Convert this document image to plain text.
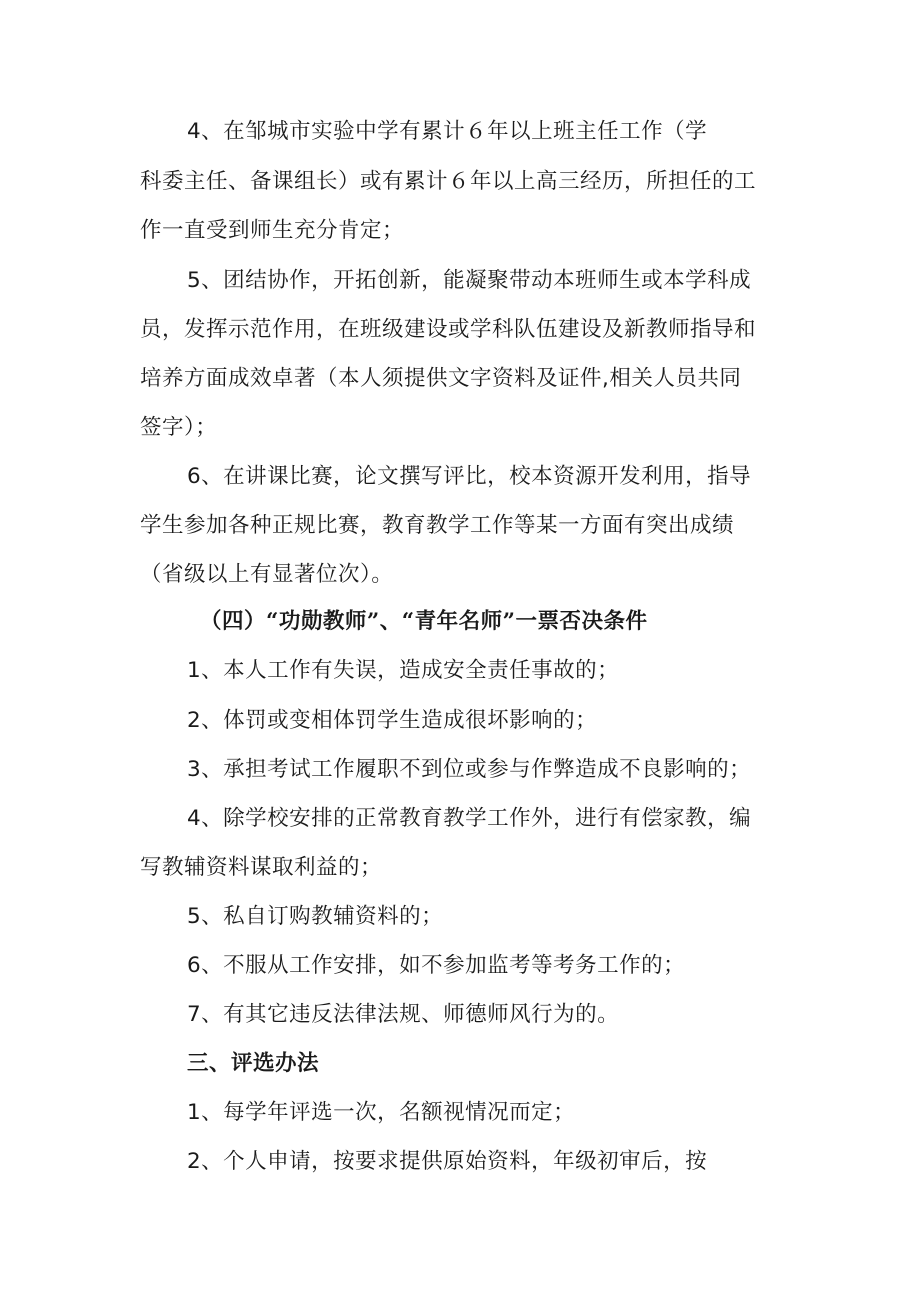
4、在邹城市实验中学有累计６年以上班主任工作（学
科委主任、备课组长）或有累计６年以上高三经历，所担任的工
作一直受到师生充分肯定；
5、团结协作，开拓创新，能凝聚带动本班师生或本学科成
员，发挥示范作用，在班级建设或学科队伍建设及新教师指导和
培养方面成效卓著（本人须提供文字资料及证件,相关人员共同
签字）；
6、在讲课比赛，论文撰写评比，校本资源开发利用，指导
学生参加各种正规比赛，教育教学工作等某一方面有突出成绩
（省级以上有显著位次）。
（四）“功勋教师”、“青年名师”一票否决条件
1、本人工作有失误，造成安全责任事故的；
2、体罚或变相体罚学生造成很坏影响的；
3、承担考试工作履职不到位或参与作弊造成不良影响的；
4、除学校安排的正常教育教学工作外，进行有偿家教，编
写教辅资料谋取利益的；
5、私自订购教辅资料的；
6、不服从工作安排，如不参加监考等考务工作的；
7、有其它违反法律法规、师德师风行为的。
三、评选办法
1、每学年评选一次，名额视情况而定；
2、个人申请，按要求提供原始资料，年级初审后，按
